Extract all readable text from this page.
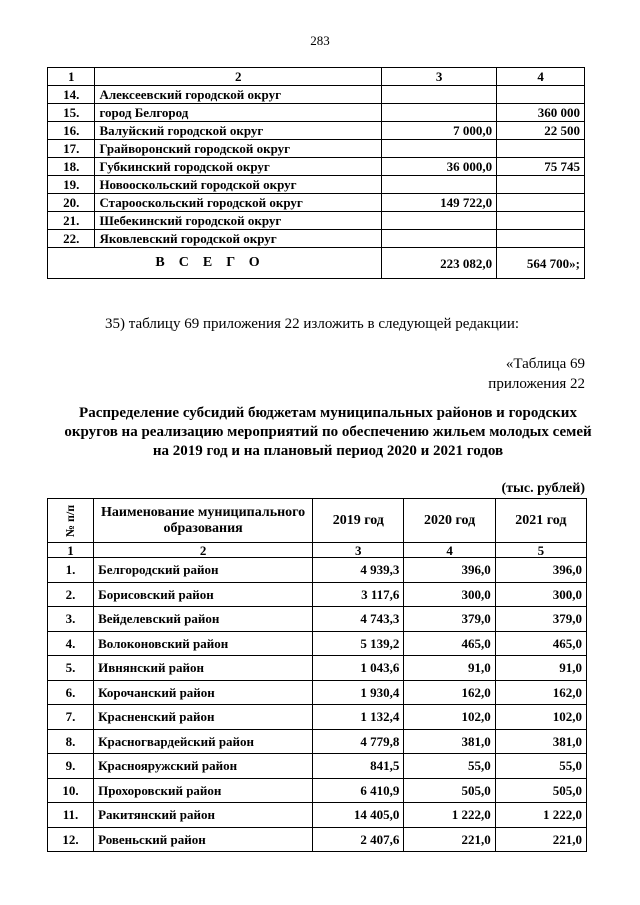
283
1	2	3	4
14.	Алексеевский городской округ		
15.	город Белгород		360 000
16.	Валуйский городской округ	7 000,0	22 500
17.	Грайворонский городской округ		
18.	Губкинский городской округ	36 000,0	75 745
19.	Новооскольский городской округ		
20.	Старооскольский городской округ	149 722,0	
21.	Шебекинский городской округ		
22.	Яковлевский городской округ		
ВСЕГО		223 082,0	564 700»;
35) таблицу 69 приложения 22 изложить в следующей редакции:
«Таблица 69
приложения 22
Распределение субсидий бюджетам муниципальных районов и городских округов на реализацию мероприятий по обеспечению жильем молодых семей на 2019 год и на плановый период 2020 и 2021 годов
(тыс. рублей)
№ п/п	Наименование муниципального образования	2019 год	2020 год	2021 год
1	2	3	4	5
1.	Белгородский район	4 939,3	396,0	396,0
2.	Борисовский район	3 117,6	300,0	300,0
3.	Вейделевский район	4 743,3	379,0	379,0
4.	Волоконовский район	5 139,2	465,0	465,0
5.	Ивнянский район	1 043,6	91,0	91,0
6.	Корочанский район	1 930,4	162,0	162,0
7.	Красненский район	1 132,4	102,0	102,0
8.	Красногвардейский район	4 779,8	381,0	381,0
9.	Краснояружский район	841,5	55,0	55,0
10.	Прохоровский район	6 410,9	505,0	505,0
11.	Ракитянский район	14 405,0	1 222,0	1 222,0
12.	Ровеньский район	2 407,6	221,0	221,0
